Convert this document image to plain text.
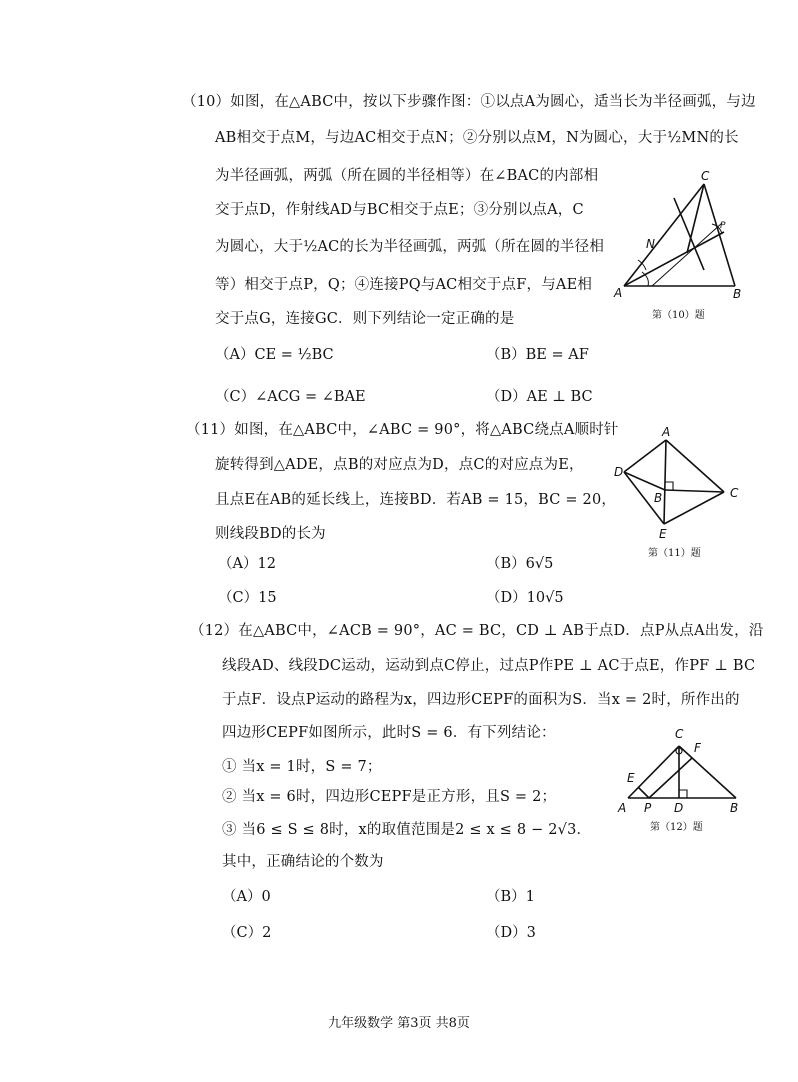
（10）如图，在△ABC中，按以下步骤作图：①以点A为圆心，适当长为半径画弧，与边
AB相交于点M，与边AC相交于点N；②分别以点M，N为圆心，大于½MN的长
为半径画弧，两弧（所在圆的半径相等）在∠BAC的内部相
交于点D，作射线AD与BC相交于点E；③分别以点A，C
为圆心，大于½AC的长为半径画弧，两弧（所在圆的半径相
等）相交于点P，Q；④连接PQ与AC相交于点F，与AE相
交于点G，连接GC．则下列结论一定正确的是
（A）CE = ½BC	（B）BE = AF
（C）∠ACG = ∠BAE	（D）AE ⊥ BC
C
N
A	B
P
第（10）题
（11）如图，在△ABC中，∠ABC = 90°，将△ABC绕点A顺时针
旋转得到△ADE，点B的对应点为D，点C的对应点为E，
且点E在AB的延长线上，连接BD．若AB = 15，BC = 20，
则线段BD的长为
（A）12	（B）6√5
（C）15	（D）10√5
A
D
B	C
E
第（11）题
（12）在△ABC中，∠ACB = 90°，AC = BC，CD ⊥ AB于点D．点P从点A出发，沿
线段AD、线段DC运动，运动到点C停止，过点P作PE ⊥ AC于点E，作PF ⊥ BC
于点F．设点P运动的路程为x，四边形CEPF的面积为S．当x = 2时，所作出的
四边形CEPF如图所示，此时S = 6．有下列结论：
① 当x = 1时，S = 7；
② 当x = 6时，四边形CEPF是正方形，且S = 2；
③ 当6 ≤ S ≤ 8时，x的取值范围是2 ≤ x ≤ 8 − 2√3．
其中，正确结论的个数为
（A）0	（B）1
（C）2	（D）3
C
F
E
A P D	B
第（12）题
九年级数学 第3页 共8页
